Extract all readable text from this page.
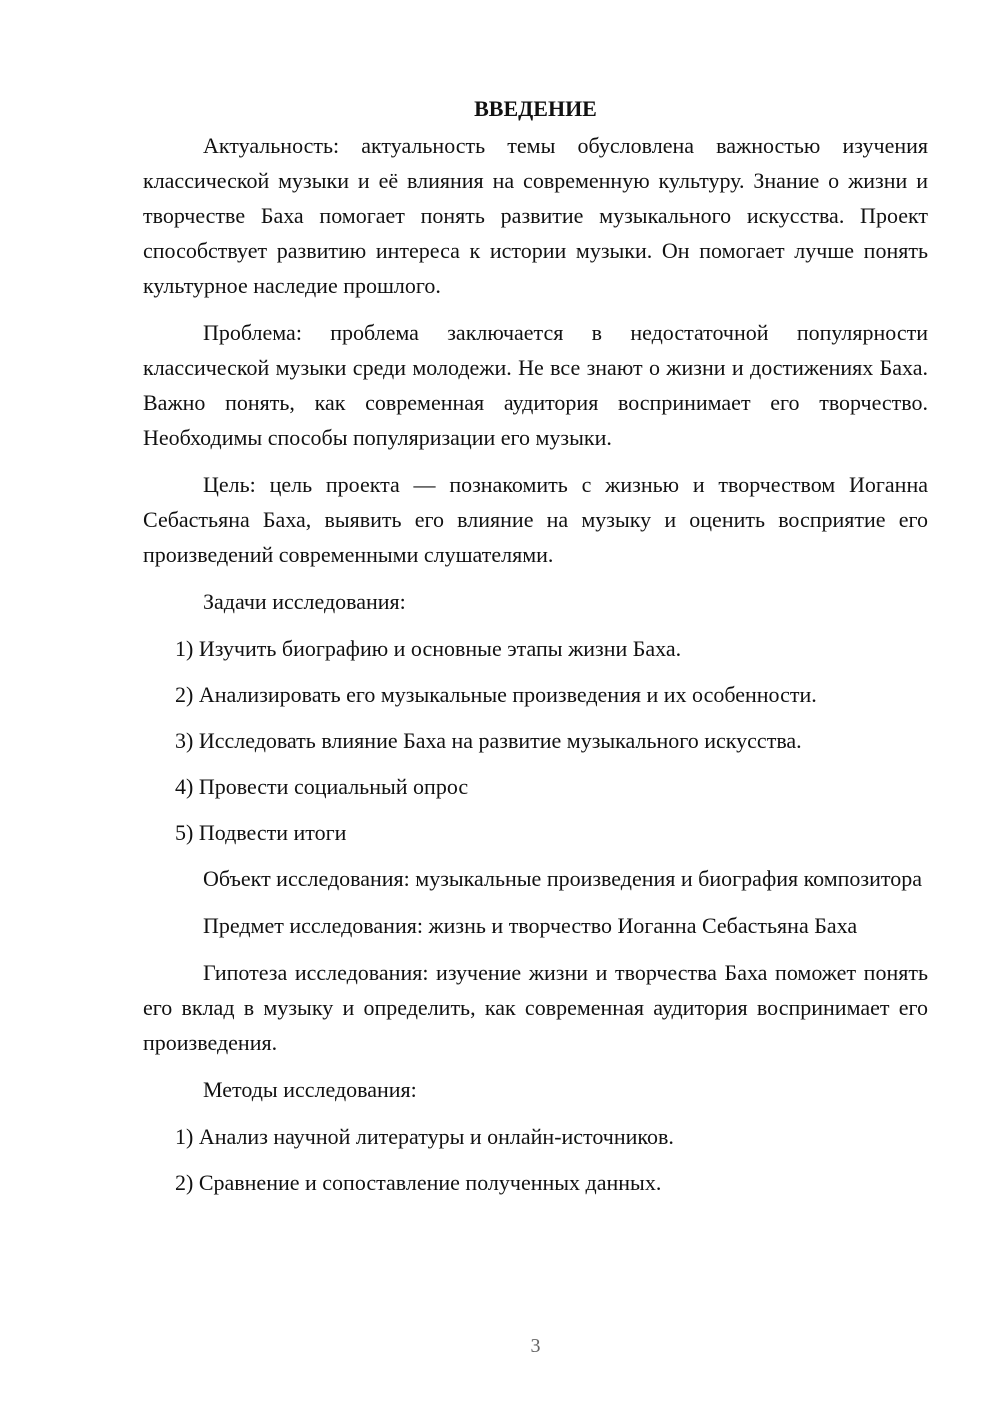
ВВЕДЕНИЕ

Актуальность: актуальность темы обусловлена важностью изучения классической музыки и её влияния на современную культуру. Знание о жизни и творчестве Баха помогает понять развитие музыкального искусства. Проект способствует развитию интереса к истории музыки. Он помогает лучше понять культурное наследие прошлого.

Проблема: проблема заключается в недостаточной популярности классической музыки среди молодежи. Не все знают о жизни и достижениях Баха. Важно понять, как современная аудитория воспринимает его творчество. Необходимы способы популяризации его музыки.

Цель: цель проекта — познакомить с жизнью и творчеством Иоганна Себастьяна Баха, выявить его влияние на музыку и оценить восприятие его произведений современными слушателями.

Задачи исследования:

1) Изучить биографию и основные этапы жизни Баха.
2) Анализировать его музыкальные произведения и их особенности.
3) Исследовать влияние Баха на развитие музыкального искусства.
4) Провести социальный опрос
5) Подвести итоги

Объект исследования: музыкальные произведения и биография композитора

Предмет исследования: жизнь и творчество Иоганна Себастьяна Баха

Гипотеза исследования: изучение жизни и творчества Баха поможет понять его вклад в музыку и определить, как современная аудитория воспринимает его произведения.

Методы исследования:

1) Анализ научной литературы и онлайн-источников.
2) Сравнение и сопоставление полученных данных.
3
